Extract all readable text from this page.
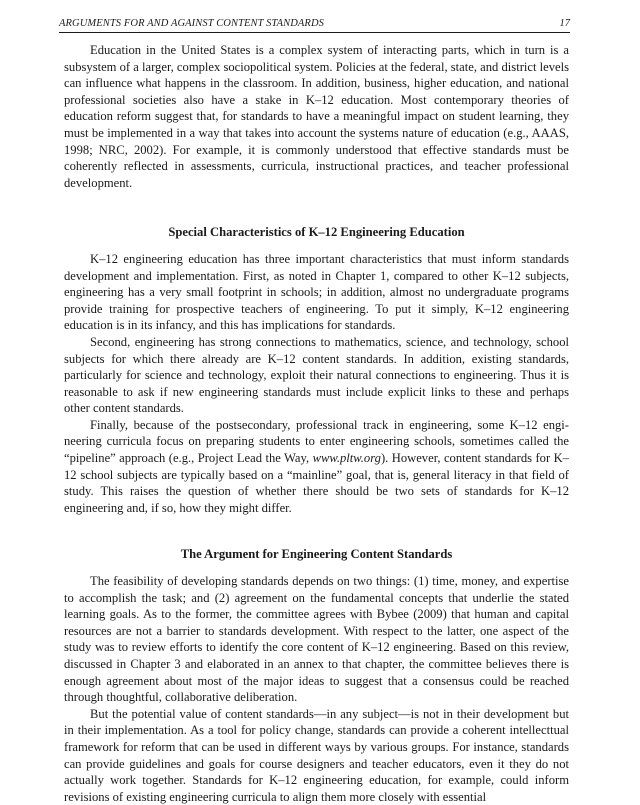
ARGUMENTS FOR AND AGAINST CONTENT STANDARDS	17

Education in the United States is a complex system of interacting parts, which in turn is a subsystem of a larger, complex sociopolitical system. Policies at the federal, state, and district levels can influence what happens in the classroom. In addition, business, higher education, and national professional societies also have a stake in K–12 education. Most contemporary theories of education reform suggest that, for standards to have a meaningful impact on student learning, they must be implemented in a way that takes into account the systems nature of education (e.g., AAAS, 1998; NRC, 2002). For example, it is commonly understood that effective standards must be coherently reflected in assessments, curricula, instructional practices, and teacher professional development.

Special Characteristics of K–12 Engineering Education

K–12 engineering education has three important characteristics that must inform standards development and implementation. First, as noted in Chapter 1, compared to other K–12 subjects, engineering has a very small footprint in schools; in addition, almost no undergraduate programs provide training for prospective teachers of engineering. To put it simply, K–12 engineering education is in its infancy, and this has implications for standards.

Second, engineering has strong connections to mathematics, science, and technology, school subjects for which there already are K–12 content standards. In addition, existing standards, particularly for science and technology, exploit their natural connections to engineering. Thus it is reasonable to ask if new engineering standards must include explicit links to these and perhaps other content standards.

Finally, because of the postsecondary, professional track in engineering, some K–12 engineering curricula focus on preparing students to enter engineering schools, sometimes called the “pipeline” approach (e.g., Project Lead the Way, www.pltw.org). However, content standards for K–12 school subjects are typically based on a “mainline” goal, that is, general literacy in that field of study. This raises the question of whether there should be two sets of standards for K–12 engineering and, if so, how they might differ.

The Argument for Engineering Content Standards

The feasibility of developing standards depends on two things: (1) time, money, and expertise to accomplish the task; and (2) agreement on the fundamental concepts that underlie the stated learning goals. As to the former, the committee agrees with Bybee (2009) that human and capital resources are not a barrier to standards development. With respect to the latter, one aspect of the study was to review efforts to identify the core content of K–12 engineering. Based on this review, discussed in Chapter 3 and elaborated in an annex to that chapter, the committee believes there is enough agreement about most of the major ideas to suggest that a consensus could be reached through thoughtful, collaborative deliberation.

But the potential value of content standards—in any subject—is not in their development but in their implementation. As a tool for policy change, standards can provide a coherent intellecttual framework for reform that can be used in different ways by various groups. For instance, standards can provide guidelines and goals for course designers and teacher educators, even it they do not actually work together. Standards for K–12 engineering education, for example, could inform revisions of existing engineering curricula to align them more closely with essential
